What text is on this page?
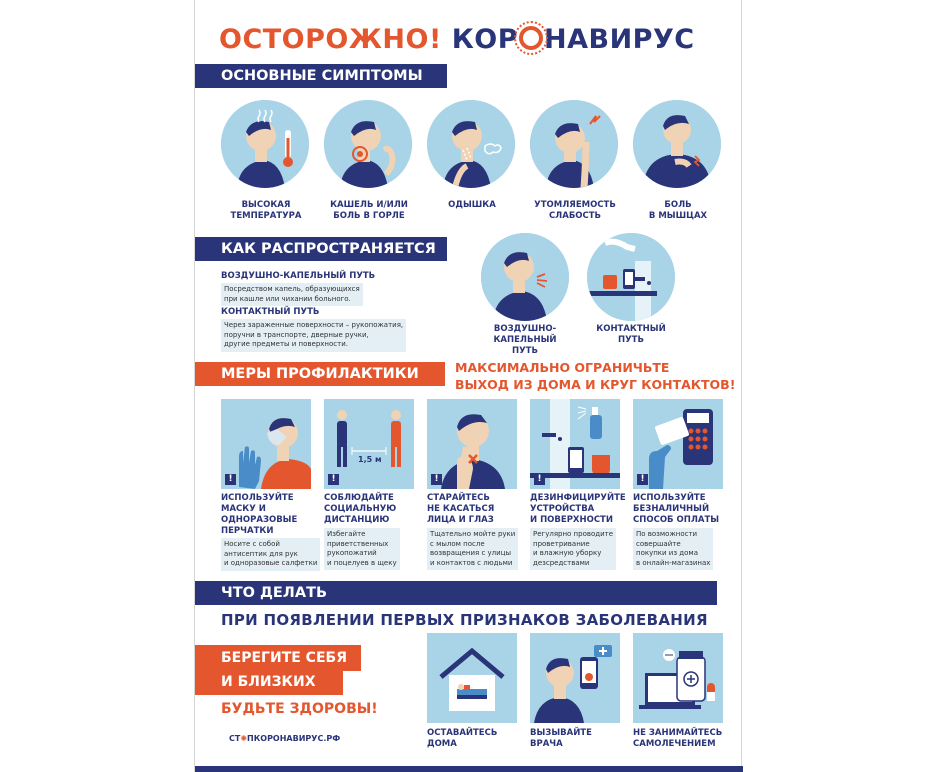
ОСТОРОЖНО! КОР НАВИРУС
ОСНОВНЫЕ СИМПТОМЫ
ВЫСОКАЯ
ТЕМПЕРАТУРА
КАШЕЛЬ И/ИЛИ
БОЛЬ В ГОРЛЕ
ОДЫШКА	УТОМЛЯЕМОСТЬ
СЛАБОСТЬ
БОЛЬ
В МЫШЦАХ
КАК РАСПРОСТРАНЯЕТСЯ
ВОЗДУШНО-КАПЕЛЬНЫЙ ПУТЬ
Посредством капель, образующихся
при кашле или чихании больного.
КОНТАКТНЫЙ ПУТЬ
Через зараженные поверхности – рукопожатия,
поручни в транспорте, дверные ручки,
другие предметы и поверхности.
ВОЗДУШНО-
КАПЕЛЬНЫЙ ПУТЬ
КОНТАКТНЫЙ
ПУТЬ
МЕРЫ ПРОФИЛАКТИКИ	МАКСИМАЛЬНО ОГРАНИЧЬТЕ
ВЫХОД ИЗ ДОМА И КРУГ КОНТАКТОВ!
!
1,5 м
!	!	!	!
ИСПОЛЬЗУЙТЕ
МАСКУ И
ОДНОРАЗОВЫЕ
ПЕРЧАТКИ
Носите с собой
антисептик для рук
и одноразовые салфетки
СОБЛЮДАЙТЕ
СОЦИАЛЬНУЮ
ДИСТАНЦИЮ
Избегайте
приветственных
рукопожатий
и поцелуев в щеку
СТАРАЙТЕСЬ
НЕ КАСАТЬСЯ
ЛИЦА И ГЛАЗ
Тщательно мойте руки
с мылом после
возвращения с улицы
и контактов с людьми
ДЕЗИНФИЦИРУЙТЕ
УСТРОЙСТВА
И ПОВЕРХНОСТИ
Регулярно проводите
проветривание
и влажную уборку
дезсредствами
ИСПОЛЬЗУЙТЕ
БЕЗНАЛИЧНЫЙ
СПОСОБ ОПЛАТЫ
По возможности
совершайте
покупки из дома
в онлайн-магазинах
ЧТО ДЕЛАТЬ
ПРИ ПОЯВЛЕНИИ ПЕРВЫХ ПРИЗНАКОВ ЗАБОЛЕВАНИЯ
БЕРЕГИТЕ СЕБЯ
И БЛИЗКИХ
БУДЬТЕ ЗДОРОВЫ!
СТ✺ПКОРОНАВИРУС.РФ
ОСТАВАЙТЕСЬ
ДОМА
ВЫЗЫВАЙТЕ
ВРАЧА
НЕ ЗАНИМАЙТЕСЬ
САМОЛЕЧЕНИЕМ
